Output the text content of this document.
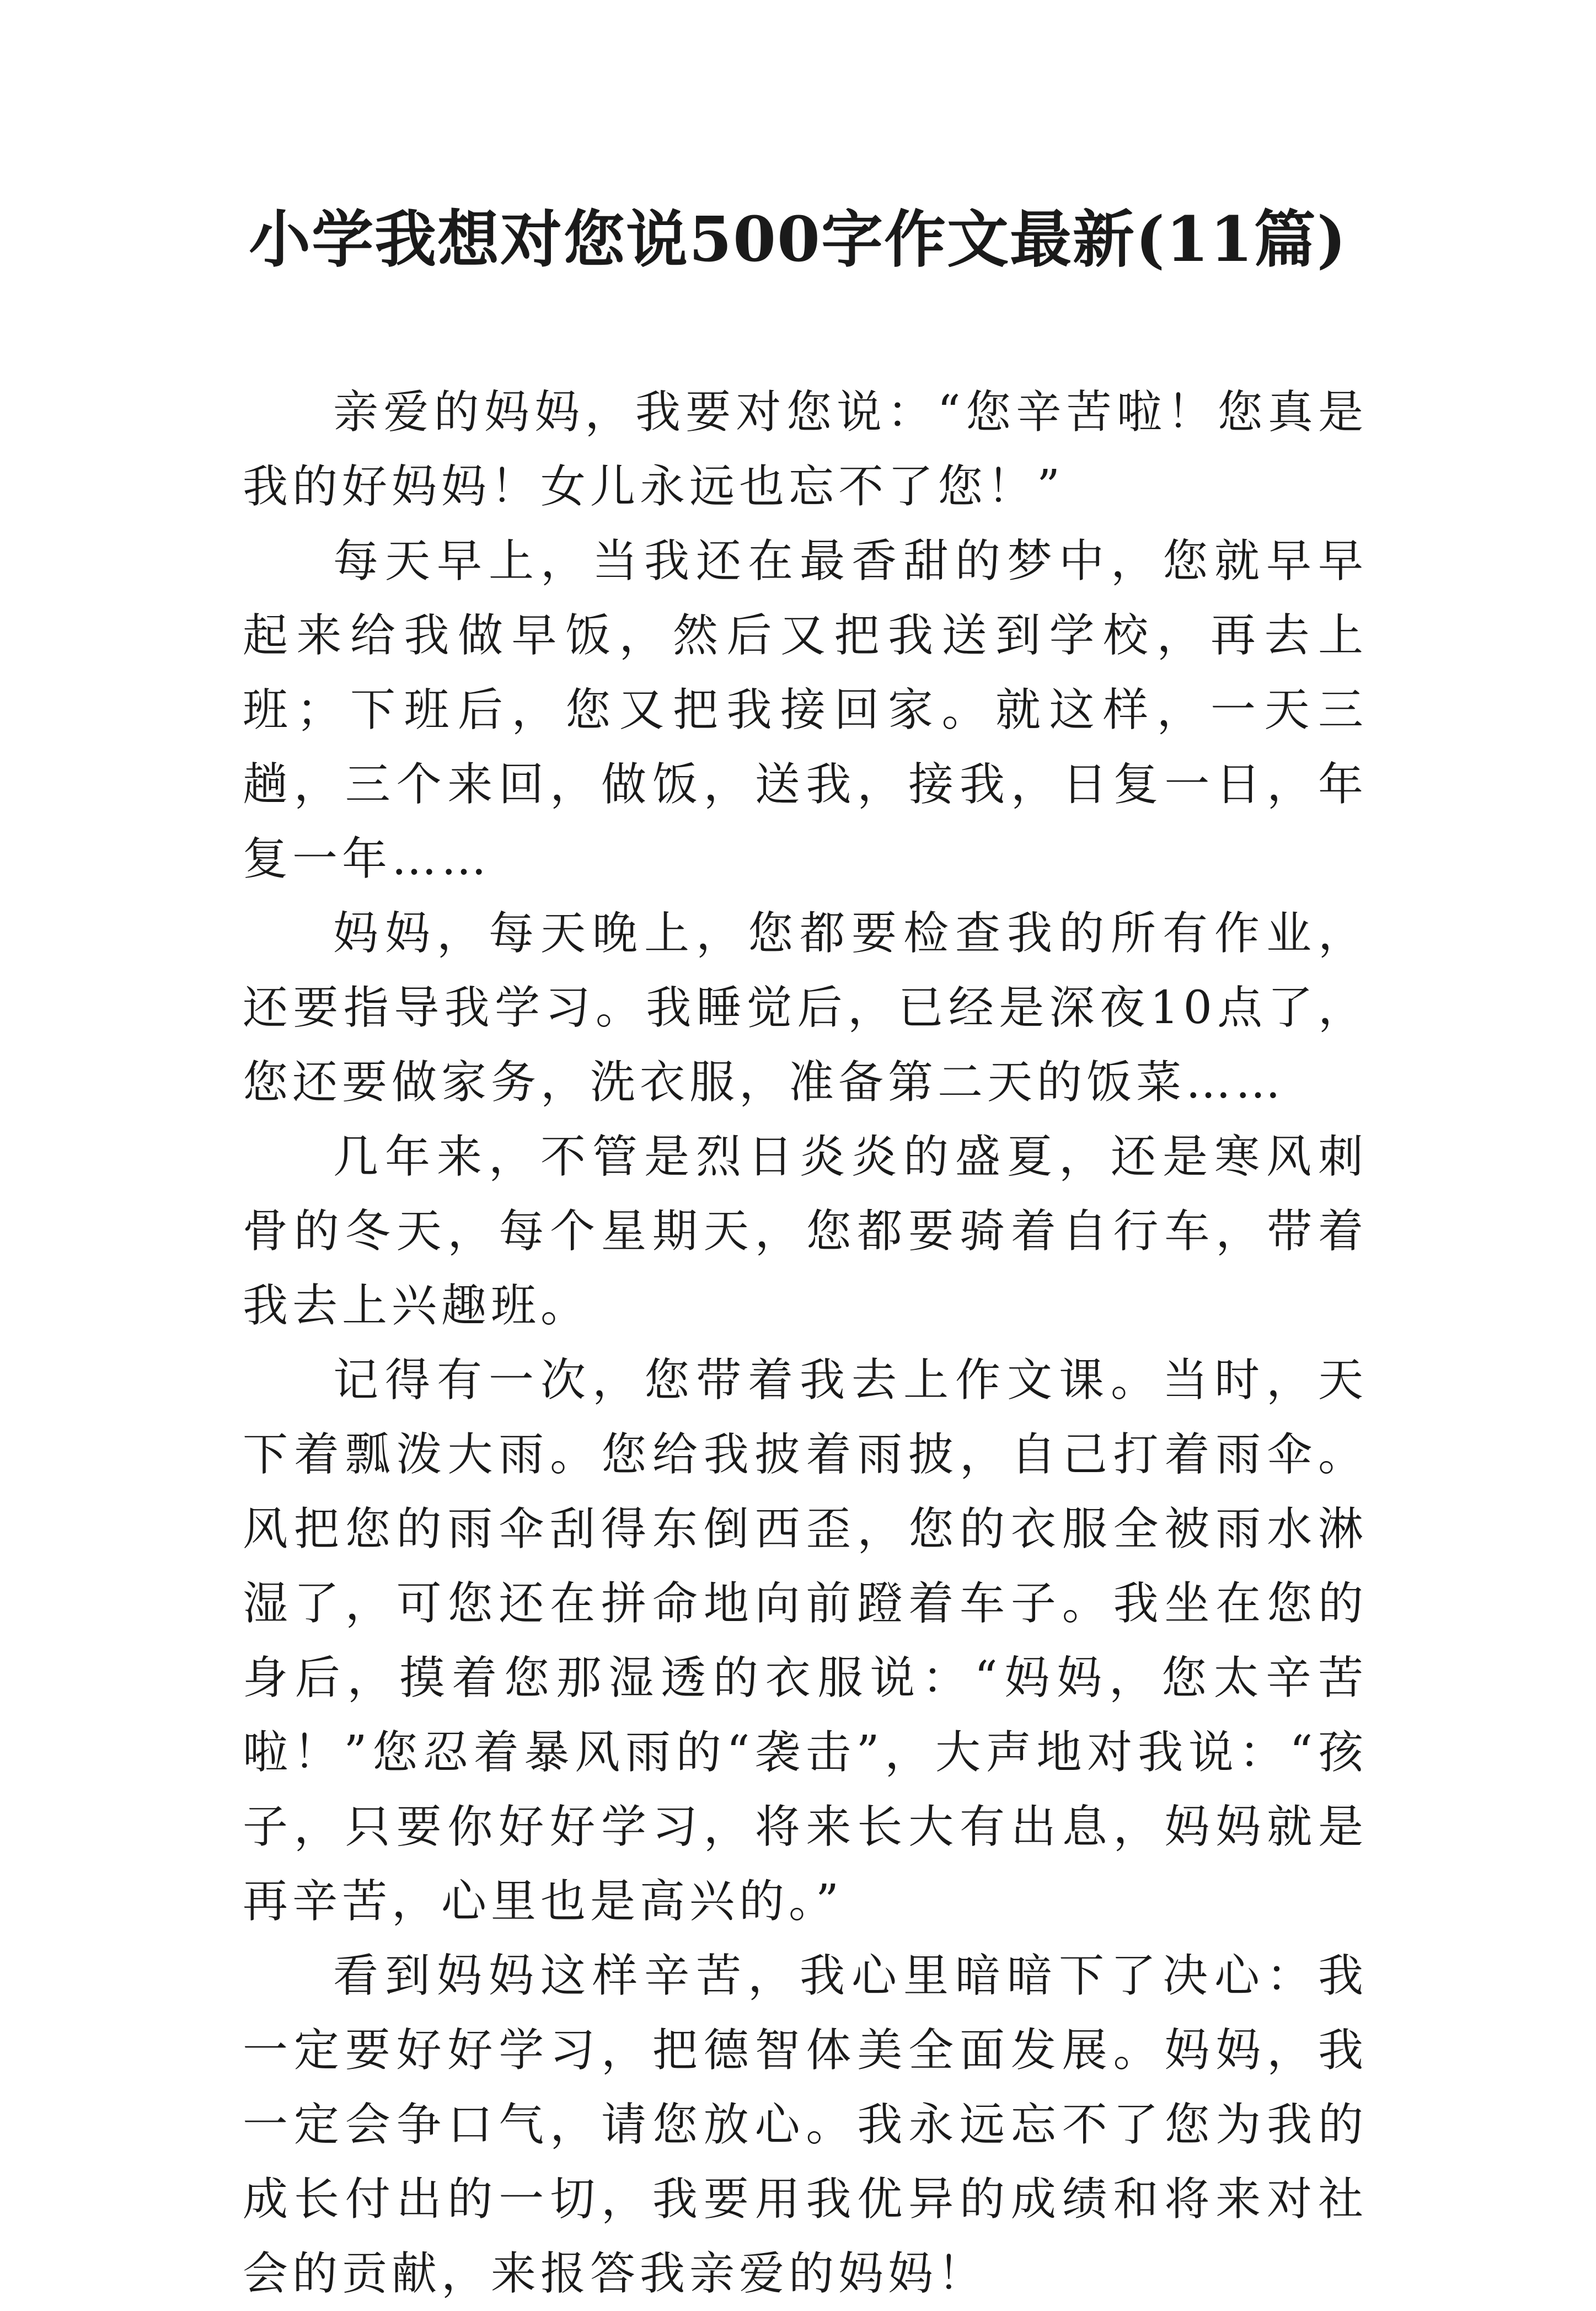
小学我想对您说500字作文最新(11篇)

亲爱的妈妈，我要对您说：“您辛苦啦！您真是我的好妈妈！女儿永远也忘不了您！”

每天早上，当我还在最香甜的梦中，您就早早起来给我做早饭，然后又把我送到学校，再去上班；下班后，您又把我接回家。就这样，一天三趟，三个来回，做饭，送我，接我，日复一日，年复一年……

妈妈，每天晚上，您都要检查我的所有作业，还要指导我学习。我睡觉后，已经是深夜10点了，您还要做家务，洗衣服，准备第二天的饭菜……

几年来，不管是烈日炎炎的盛夏，还是寒风刺骨的冬天，每个星期天，您都要骑着自行车，带着我去上兴趣班。

记得有一次，您带着我去上作文课。当时，天下着瓢泼大雨。您给我披着雨披，自己打着雨伞。风把您的雨伞刮得东倒西歪，您的衣服全被雨水淋湿了，可您还在拼命地向前蹬着车子。我坐在您的身后，摸着您那湿透的衣服说：“妈妈，您太辛苦啦！”您忍着暴风雨的“袭击”，大声地对我说：“孩子，只要你好好学习，将来长大有出息，妈妈就是再辛苦，心里也是高兴的。”

看到妈妈这样辛苦，我心里暗暗下了决心：我一定要好好学习，把德智体美全面发展。妈妈，我一定会争口气，请您放心。我永远忘不了您为我的成长付出的一切，我要用我优异的成绩和将来对社会的贡献，来报答我亲爱的妈妈！
